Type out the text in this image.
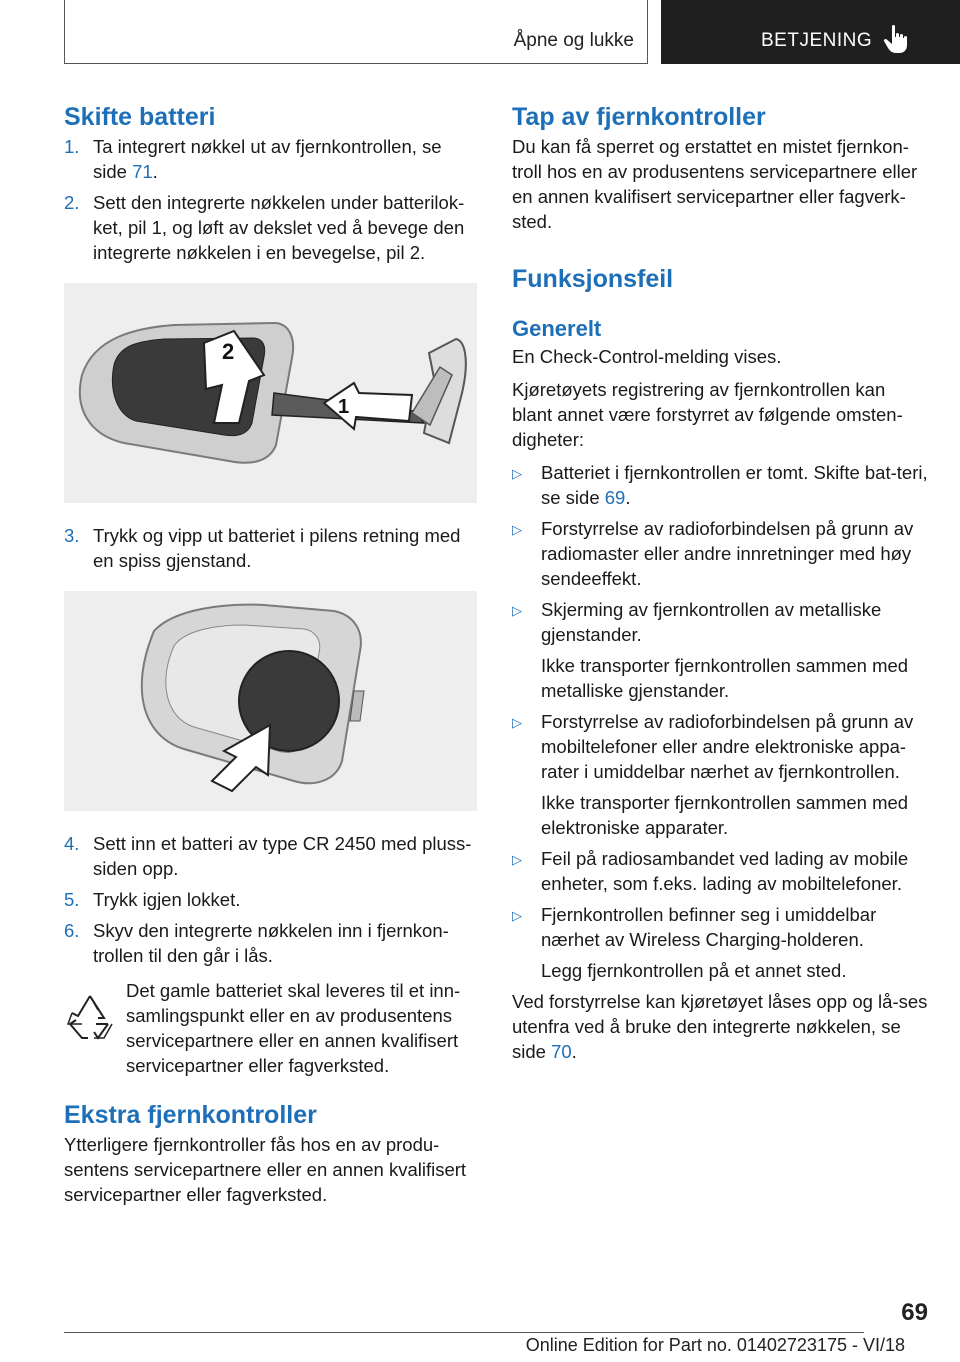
Åpne og lukke	BETJENING
Skifte batteri
1. Ta integrert nøkkel ut av fjernkontrollen, se side 71.
2. Sett den integrerte nøkkelen under batterilok-ket, pil 1, og løft av dekslet ved å bevege den integrerte nøkkelen i en bevegelse, pil 2.
2
1
3. Trykk og vipp ut batteriet i pilens retning med en spiss gjenstand.
4. Sett inn et batteri av type CR 2450 med pluss-siden opp.
5. Trykk igjen lokket.
6. Skyv den integrerte nøkkelen inn i fjernkon-trollen til den går i lås.

Det gamle batteriet skal leveres til et inn-samlingspunkt eller en av produsentens servicepartnere eller en annen kvalifisert servicepartner eller fagverksted.

Ekstra fjernkontroller

Ytterligere fjernkontroller fås hos en av produ-sentens servicepartnere eller en annen kvalifisert servicepartner eller fagverksted.

Tap av fjernkontroller

Du kan få sperret og erstattet en mistet fjernkon-troll hos en av produsentens servicepartnere eller en annen kvalifisert servicepartner eller fagverk-sted.

Funksjonsfeil
Generelt

En Check-Control-melding vises.

Kjøretøyets registrering av fjernkontrollen kan blant annet være forstyrret av følgende omsten-digheter:

▷	Batteriet i fjernkontrollen er tomt. Skifte bat-teri, se side 69.
▷	Forstyrrelse av radioforbindelsen på grunn av radiomaster eller andre innretninger med høy sendeeffekt.
▷	Skjerming av fjernkontrollen av metalliske gjenstander.

Ikke transporter fjernkontrollen sammen med metalliske gjenstander.

▷	Forstyrrelse av radioforbindelsen på grunn av mobiltelefoner eller andre elektroniske appa-rater i umiddelbar nærhet av fjernkontrollen.

Ikke transporter fjernkontrollen sammen med elektroniske apparater.

▷	Feil på radiosambandet ved lading av mobile enheter, som f.eks. lading av mobiltelefoner.
▷	Fjernkontrollen befinner seg i umiddelbar nærhet av Wireless Charging-holderen.

Legg fjernkontrollen på et annet sted.

Ved forstyrrelse kan kjøretøyet låses opp og lå-ses utenfra ved å bruke den integrerte nøkkelen, se side 70.

69
Online Edition for Part no. 01402723175 - VI/18
